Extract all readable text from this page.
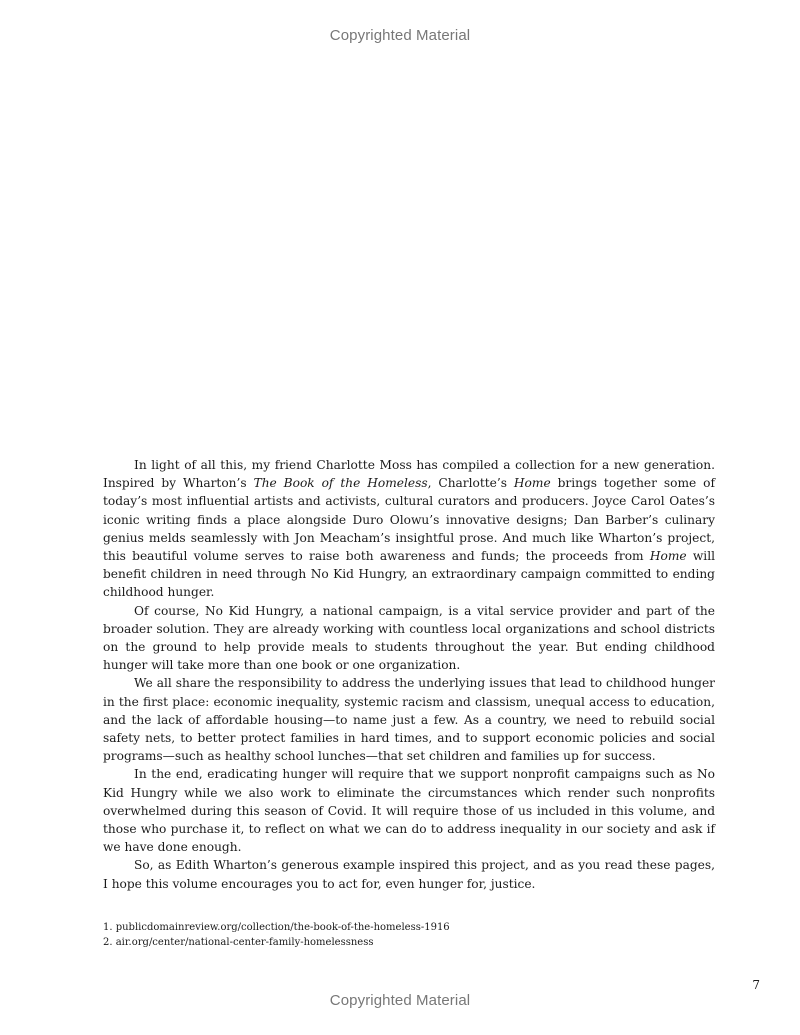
Copyrighted Material

In light of all this, my friend Charlotte Moss has compiled a collection for a new generation. Inspired by Wharton’s The Book of the Homeless, Charlotte’s Home brings together some of today’s most influential artists and activists, cultural curators and producers. Joyce Carol Oates’s iconic writing finds a place alongside Duro Olowu’s innovative designs; Dan Barber’s culinary genius melds seamlessly with Jon Meacham’s insightful prose. And much like Wharton’s project, this beautiful volume serves to raise both awareness and funds; the proceeds from Home will benefit children in need through No Kid Hungry, an extraordinary campaign committed to ending childhood hunger.

Of course, No Kid Hungry, a national campaign, is a vital service provider and part of the broader solution. They are already working with countless local organizations and school districts on the ground to help provide meals to students throughout the year. But ending childhood hunger will take more than one book or one organization.

We all share the responsibility to address the underlying issues that lead to childhood hunger in the first place: economic inequality, systemic racism and classism, unequal access to education, and the lack of affordable housing—to name just a few. As a country, we need to rebuild social safety nets, to better protect families in hard times, and to support economic policies and social programs—such as healthy school lunches—that set children and families up for success.

In the end, eradicating hunger will require that we support nonprofit campaigns such as No Kid Hungry while we also work to eliminate the circumstances which render such nonprofits overwhelmed during this season of Covid. It will require those of us included in this volume, and those who purchase it, to reflect on what we can do to address inequality in our society and ask if we have done enough.

So, as Edith Wharton’s generous example inspired this project, and as you read these pages, I hope this volume encourages you to act for, even hunger for, justice.

1. publicdomainreview.org/collection/the-book-of-the-homeless-1916
2. air.org/center/national-center-family-homelessness
7
Copyrighted Material
